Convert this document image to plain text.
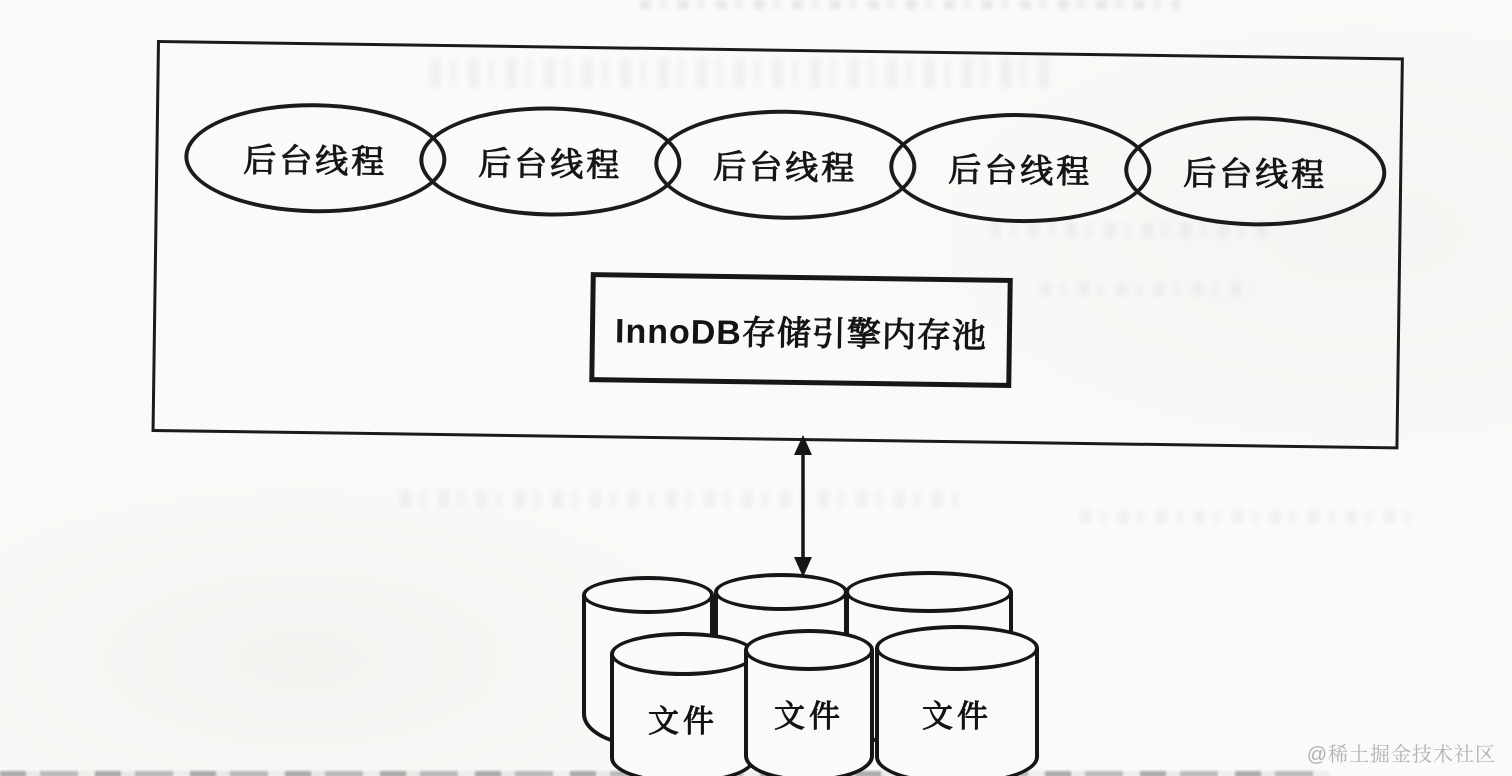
后台线程	后台线程	后台线程	后台线程	后台线程
InnoDB存储引擎内存池
文件	文件	文件
@稀土掘金技术社区
